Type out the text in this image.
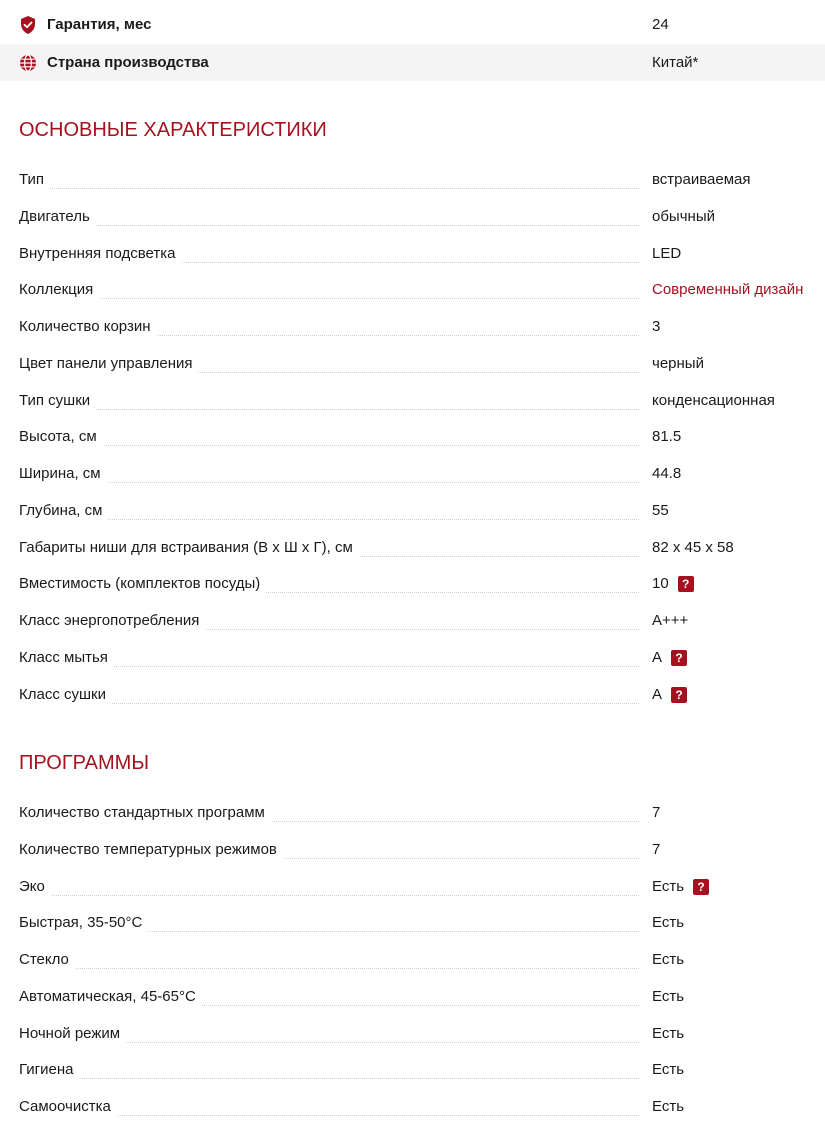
Гарантия, мес	24
Страна производства	Китай*
ОСНОВНЫЕ ХАРАКТЕРИСТИКИ
Тип	встраиваемая
Двигатель	обычный
Внутренняя подсветка	LED
Коллекция	Современный дизайн
Количество корзин	3
Цвет панели управления	черный
Тип сушки	конденсационная
Высота, см	81.5
Ширина, см	44.8
Глубина, см	55
Габариты ниши для встраивания (В x Ш x Г), см	82 x 45 x 58
Вместимость (комплектов посуды)	10	?
Класс энергопотребления	A+++
Класс мытья	A	?
Класс сушки	A	?
ПРОГРАММЫ
Количество стандартных программ	7
Количество температурных режимов	7
Эко	Есть	?
Быстрая, 35-50°C	Есть
Стекло	Есть
Автоматическая, 45-65°C	Есть
Ночной режим	Есть
Гигиена	Есть
Самоочистка	Есть
